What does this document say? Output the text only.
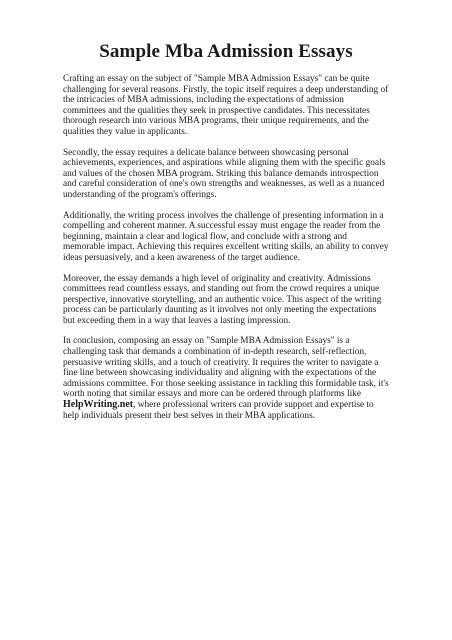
Sample Mba Admission Essays

Crafting an essay on the subject of "Sample MBA Admission Essays" can be quite challenging for several reasons. Firstly, the topic itself requires a deep understanding of the intricacies of MBA admissions, including the expectations of admission committees and the qualities they seek in prospective candidates. This necessitates thorough research into various MBA programs, their unique requirements, and the qualities they value in applicants.

Secondly, the essay requires a delicate balance between showcasing personal achievements, experiences, and aspirations while aligning them with the specific goals and values of the chosen MBA program. Striking this balance demands introspection and careful consideration of one's own strengths and weaknesses, as well as a nuanced understanding of the program's offerings.

Additionally, the writing process involves the challenge of presenting information in a compelling and coherent manner. A successful essay must engage the reader from the beginning, maintain a clear and logical flow, and conclude with a strong and memorable impact. Achieving this requires excellent writing skills, an ability to convey ideas persuasively, and a keen awareness of the target audience.

Moreover, the essay demands a high level of originality and creativity. Admissions committees read countless essays, and standing out from the crowd requires a unique perspective, innovative storytelling, and an authentic voice. This aspect of the writing process can be particularly daunting as it involves not only meeting the expectations but exceeding them in a way that leaves a lasting impression.

In conclusion, composing an essay on "Sample MBA Admission Essays" is a challenging task that demands a combination of in-depth research, self-reflection, persuasive writing skills, and a touch of creativity. It requires the writer to navigate a fine line between showcasing individuality and aligning with the expectations of the admissions committee. For those seeking assistance in tackling this formidable task, it's worth noting that similar essays and more can be ordered through platforms like HelpWriting.net, where professional writers can provide support and expertise to help individuals present their best selves in their MBA applications.
